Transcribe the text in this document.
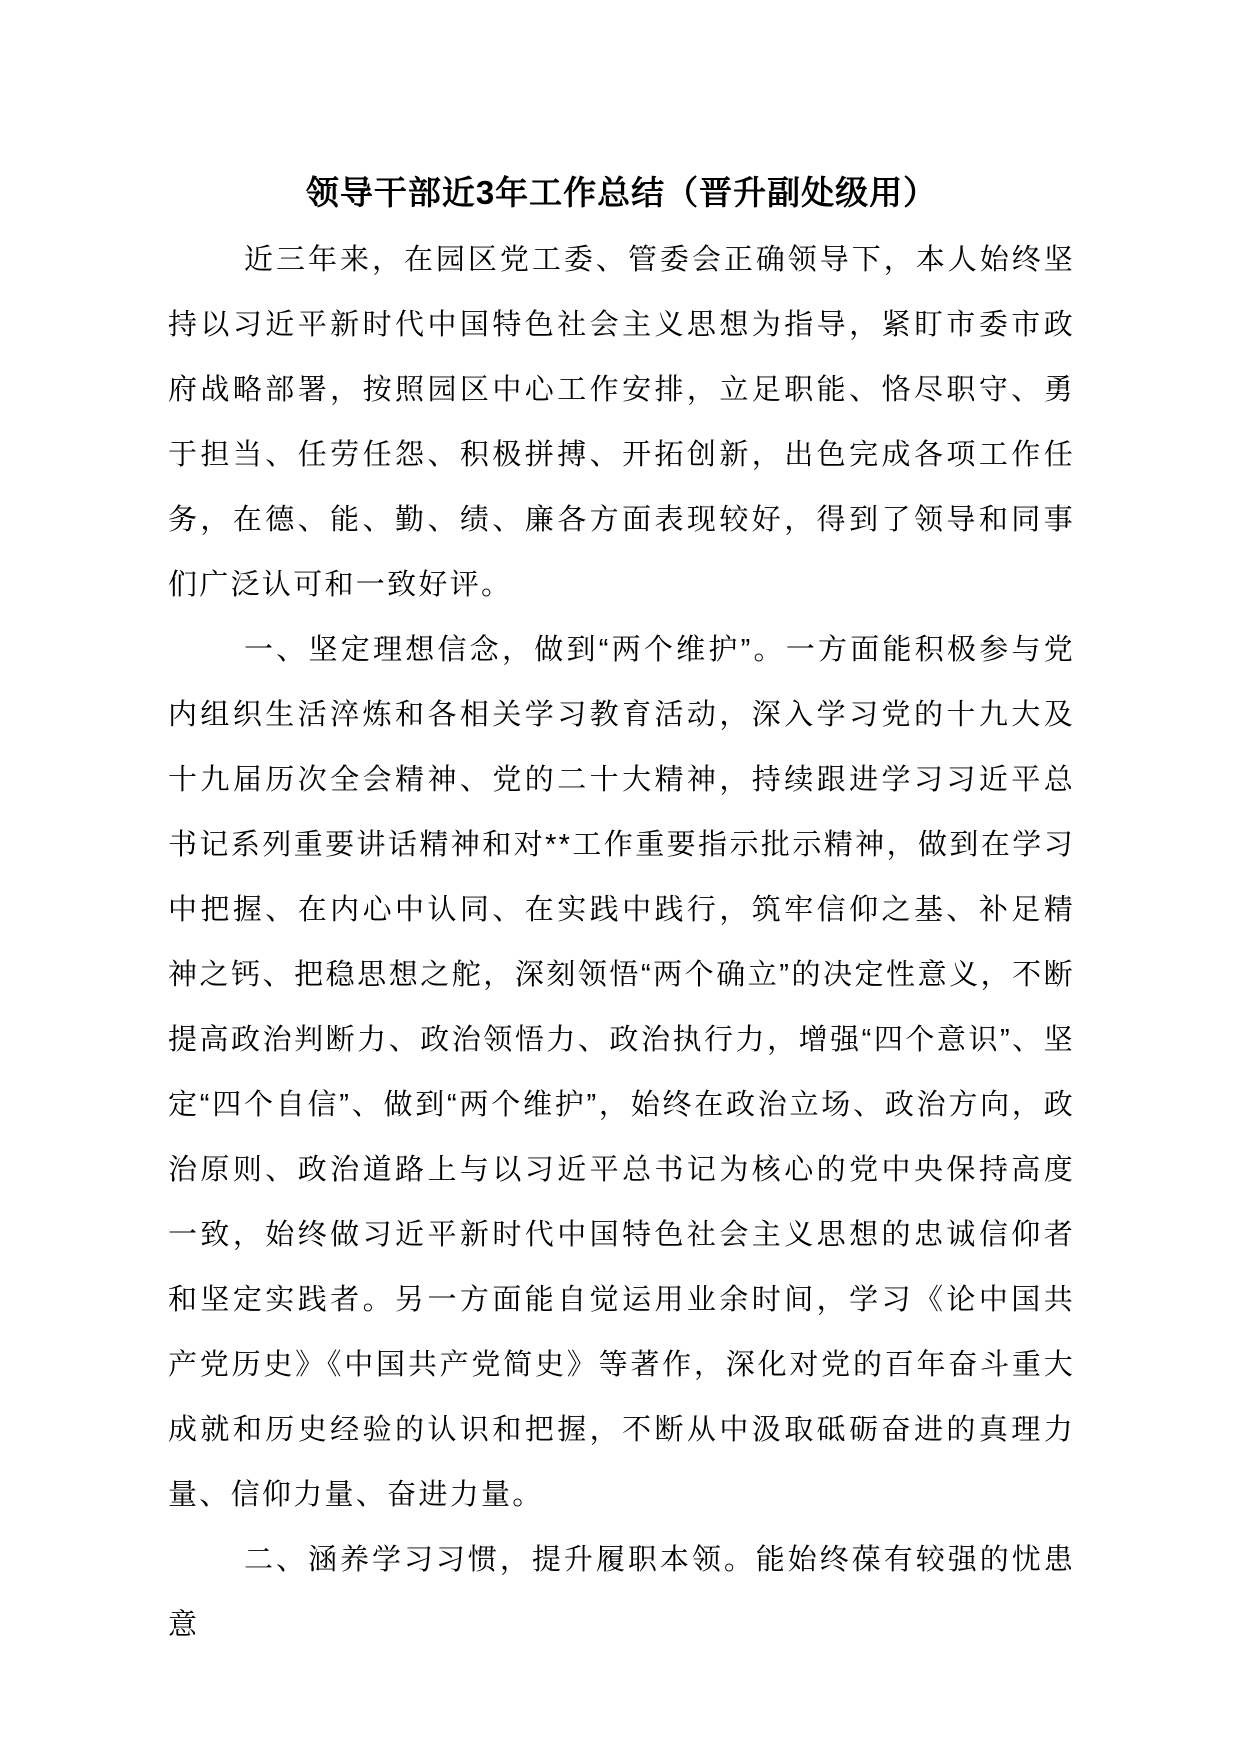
领导干部近3年工作总结（晋升副处级用）

近三年来，在园区党工委、管委会正确领导下，本人始终坚持以习近平新时代中国特色社会主义思想为指导，紧盯市委市政府战略部署，按照园区中心工作安排，立足职能、恪尽职守、勇于担当、任劳任怨、积极拼搏、开拓创新，出色完成各项工作任务，在德、能、勤、绩、廉各方面表现较好，得到了领导和同事们广泛认可和一致好评。

一、坚定理想信念，做到“两个维护”。一方面能积极参与党内组织生活淬炼和各相关学习教育活动，深入学习党的十九大及十九届历次全会精神、党的二十大精神，持续跟进学习习近平总书记系列重要讲话精神和对**工作重要指示批示精神，做到在学习中把握、在内心中认同、在实践中践行，筑牢信仰之基、补足精神之钙、把稳思想之舵，深刻领悟“两个确立”的决定性意义，不断提高政治判断力、政治领悟力、政治执行力，增强“四个意识”、坚定“四个自信”、做到“两个维护”，始终在政治立场、政治方向，政治原则、政治道路上与以习近平总书记为核心的党中央保持高度一致，始终做习近平新时代中国特色社会主义思想的忠诚信仰者和坚定实践者。另一方面能自觉运用业余时间，学习《论中国共产党历史》《中国共产党简史》等著作，深化对党的百年奋斗重大成就和历史经验的认识和把握，不断从中汲取砥砺奋进的真理力量、信仰力量、奋进力量。

二、涵养学习习惯，提升履职本领。能始终葆有较强的忧患意
